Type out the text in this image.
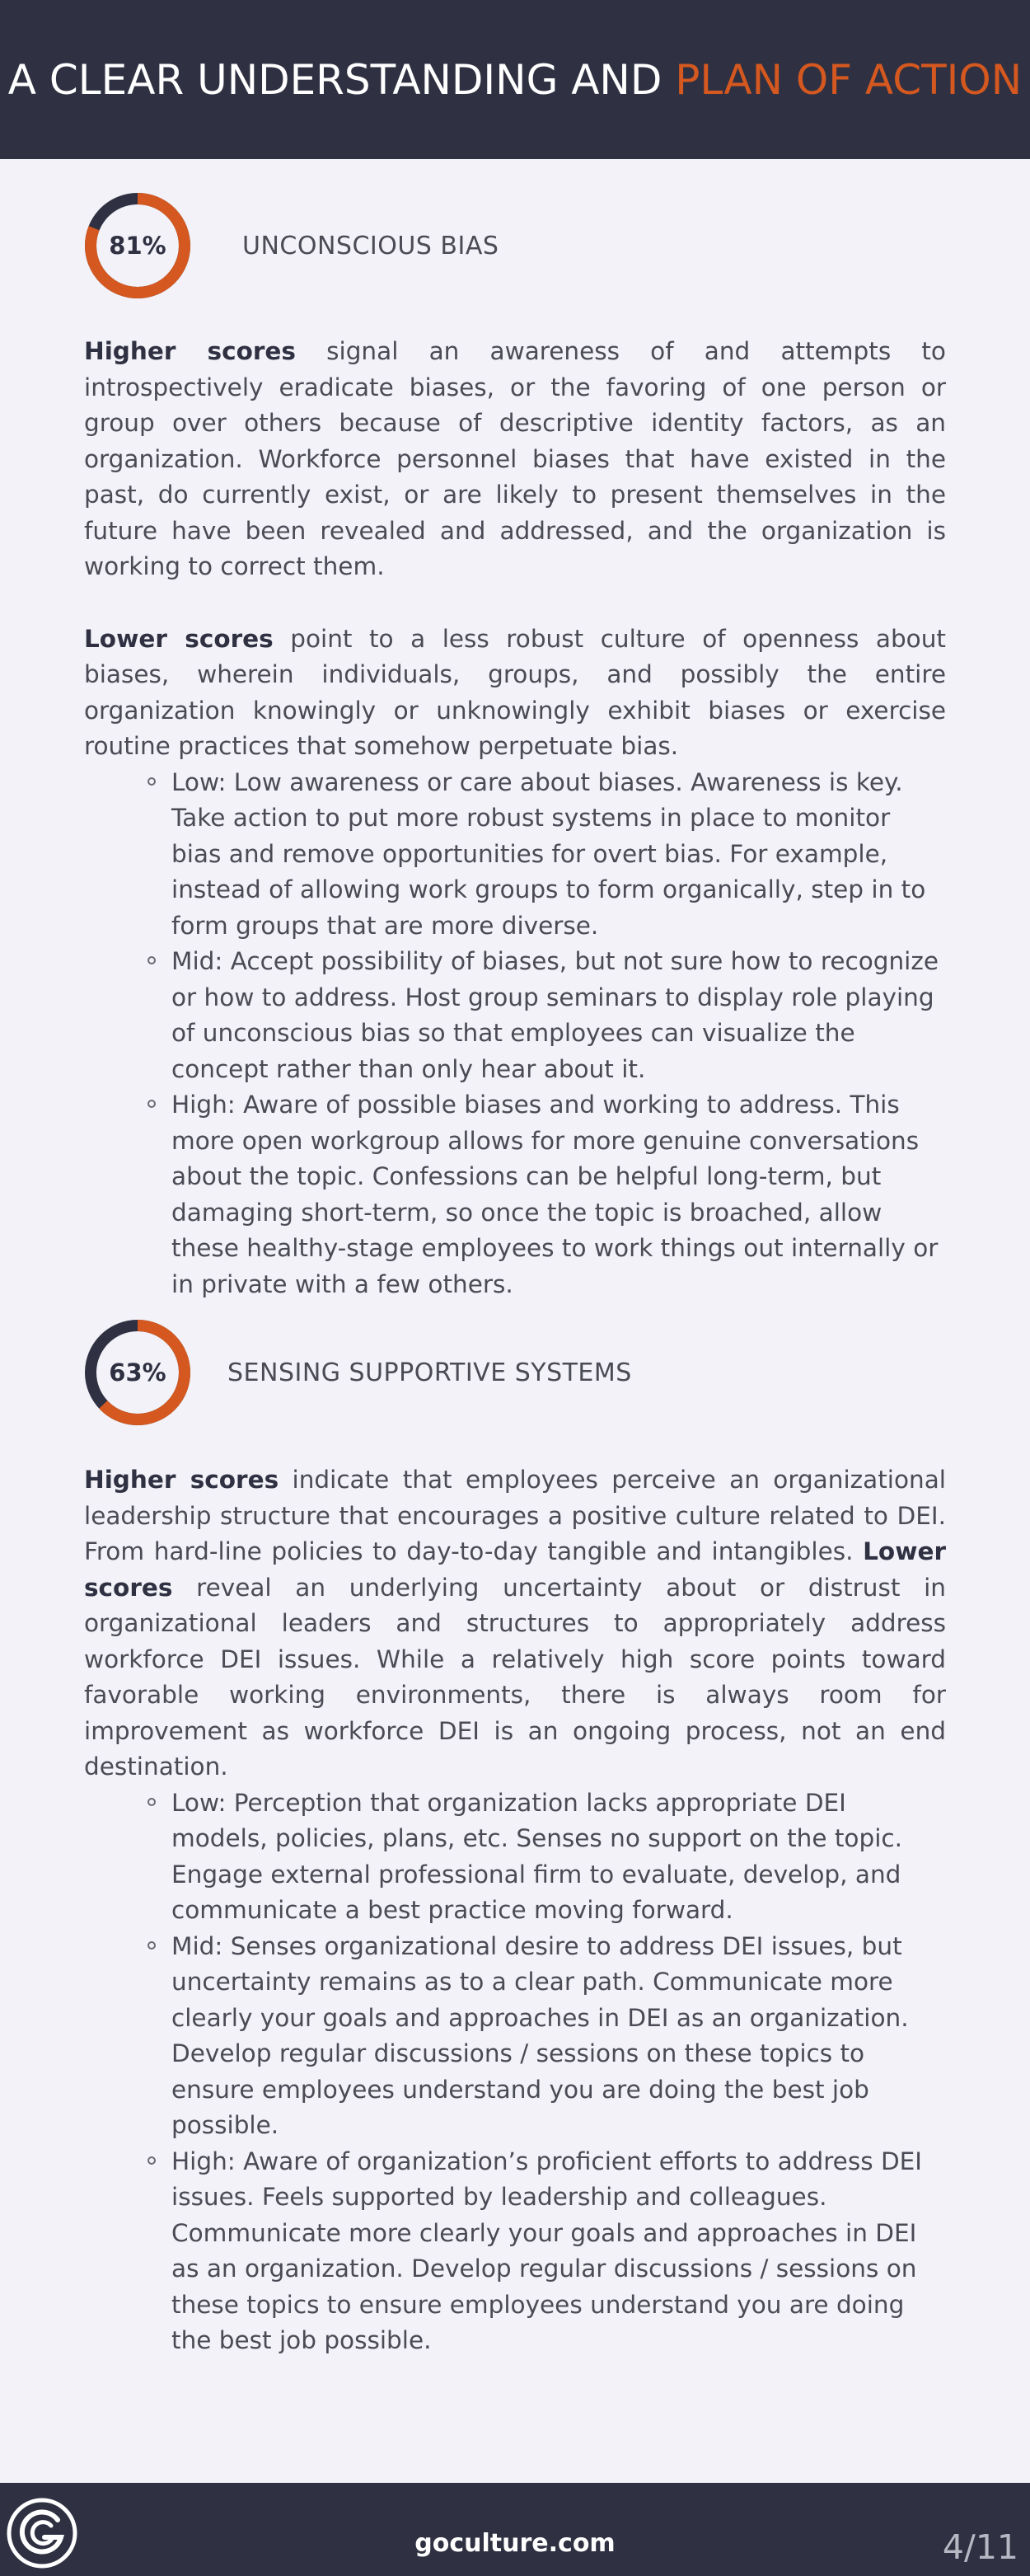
A CLEAR UNDERSTANDING AND PLAN OF ACTION
81%	UNCONSCIOUS BIAS

Higher scores signal an awareness of and attempts to introspectively eradicate biases, or the favoring of one person or group over others because of descriptive identity factors, as an organization. Workforce personnel biases that have existed in the past, do currently exist, or are likely to present themselves in the future have been revealed and addressed, and the organization is working to correct them.

Lower scores point to a less robust culture of openness about biases, wherein individuals, groups, and possibly the entire organization knowingly or unknowingly exhibit biases or exercise routine practices that somehow perpetuate bias.

Low: Low awareness or care about biases. Awareness is key. Take action to put more robust systems in place to monitor bias and remove opportunities for overt bias. For example, instead of allowing work groups to form organically, step in to form groups that are more diverse.
Mid: Accept possibility of biases, but not sure how to recognize or how to address. Host group seminars to display role playing of unconscious bias so that employees can visualize the concept rather than only hear about it.
High: Aware of possible biases and working to address. This more open workgroup allows for more genuine conversations about the topic. Confessions can be helpful long-term, but damaging short-term, so once the topic is broached, allow these healthy-stage employees to work things out internally or in private with a few others.
63%	SENSING SUPPORTIVE SYSTEMS

Higher scores indicate that employees perceive an organizational leadership structure that encourages a positive culture related to DEI. From hard-line policies to day-to-day tangible and intangibles. Lower scores reveal an underlying uncertainty about or distrust in organizational leaders and structures to appropriately address workforce DEI issues. While a relatively high score points toward favorable working environments, there is always room for improvement as workforce DEI is an ongoing process, not an end destination.

Low: Perception that organization lacks appropriate DEI models, policies, plans, etc. Senses no support on the topic. Engage external professional firm to evaluate, develop, and communicate a best practice moving forward.
Mid: Senses organizational desire to address DEI issues, but uncertainty remains as to a clear path. Communicate more clearly your goals and approaches in DEI as an organization. Develop regular discussions / sessions on these topics to ensure employees understand you are doing the best job possible.
High: Aware of organization’s proficient efforts to address DEI issues. Feels supported by leadership and colleagues. Communicate more clearly your goals and approaches in DEI as an organization. Develop regular discussions / sessions on these topics to ensure employees understand you are doing the best job possible.
goculture.com	4/11
